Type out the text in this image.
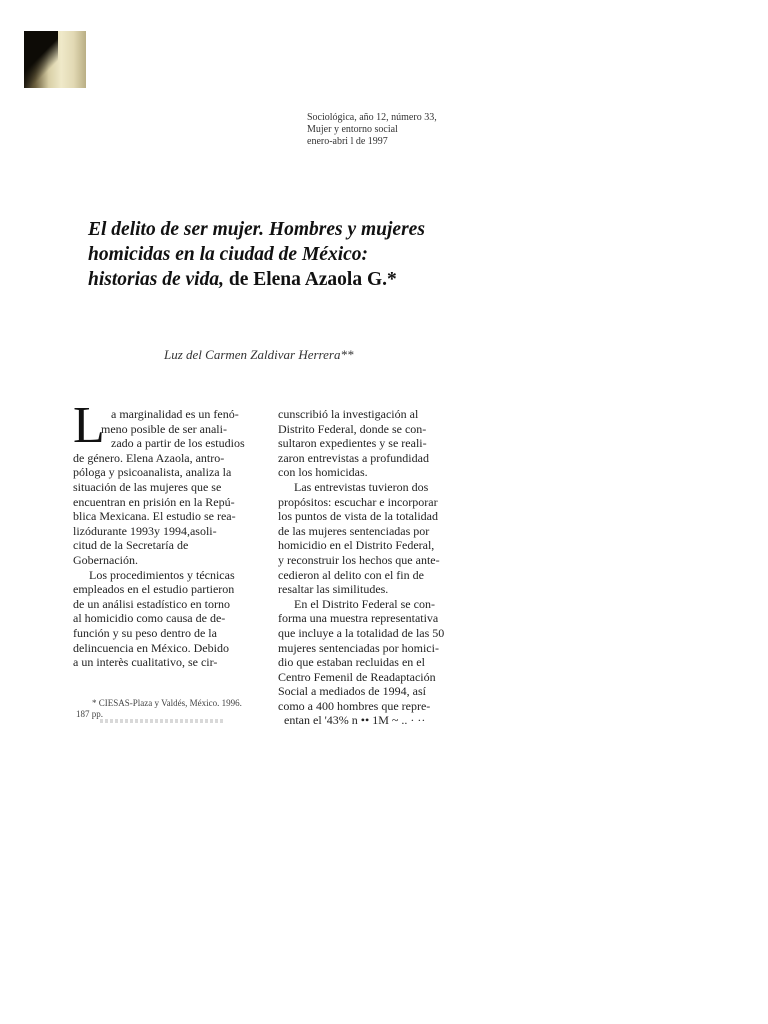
Sociológica, año 12, número 33,
Mujer y entorno social
enero-abri l de 1997
El delito de ser mujer. Hombres y mujeres homicidas en la ciudad de México: historias de vida, de Elena Azaola G.*
Luz del Carmen Zaldivar Herrera**
L a marginalidad es un fenó-
meno posible de ser anali-
zado a partir de los estudios
de género. Elena Azaola, antro-
póloga y psicoanalista, analiza la
situación de las mujeres que se
encuentran en prisión en la Repú-
blica Mexicana. El estudio se rea-
lizódurante 1993y 1994,asoli-
citud de la Secretaría de
Gobernación.
Los procedimientos y técnicas
empleados en el estudio partieron
de un análisi estadístico en torno
al homicidio como causa de de-
función y su peso dentro de la
delincuencia en México. Debido
a un interès cualitativo, se cir-
cunscribió la investigación al
Distrito Federal, donde se con-
sultaron expedientes y se reali-
zaron entrevistas a profundidad
con los homicidas.
Las entrevistas tuvieron dos
propósitos: escuchar e incorporar
los puntos de vista de la totalidad
de las mujeres sentenciadas por
homicidio en el Distrito Federal,
y reconstruir los hechos que ante-
cedieron al delito con el fin de
resaltar las similitudes.
En el Distrito Federal se con-
forma una muestra representativa
que incluye a la totalidad de las 50
mujeres sentenciadas por homici-
dio que estaban recluidas en el
Centro Femenil de Readaptación
Social a mediados de 1994, así
como a 400 hombres que repre-
entan el '43% n •• 1M ~ .. · ··
* CIESAS-Plaza y Valdés, México. 1996.
187 pp.
